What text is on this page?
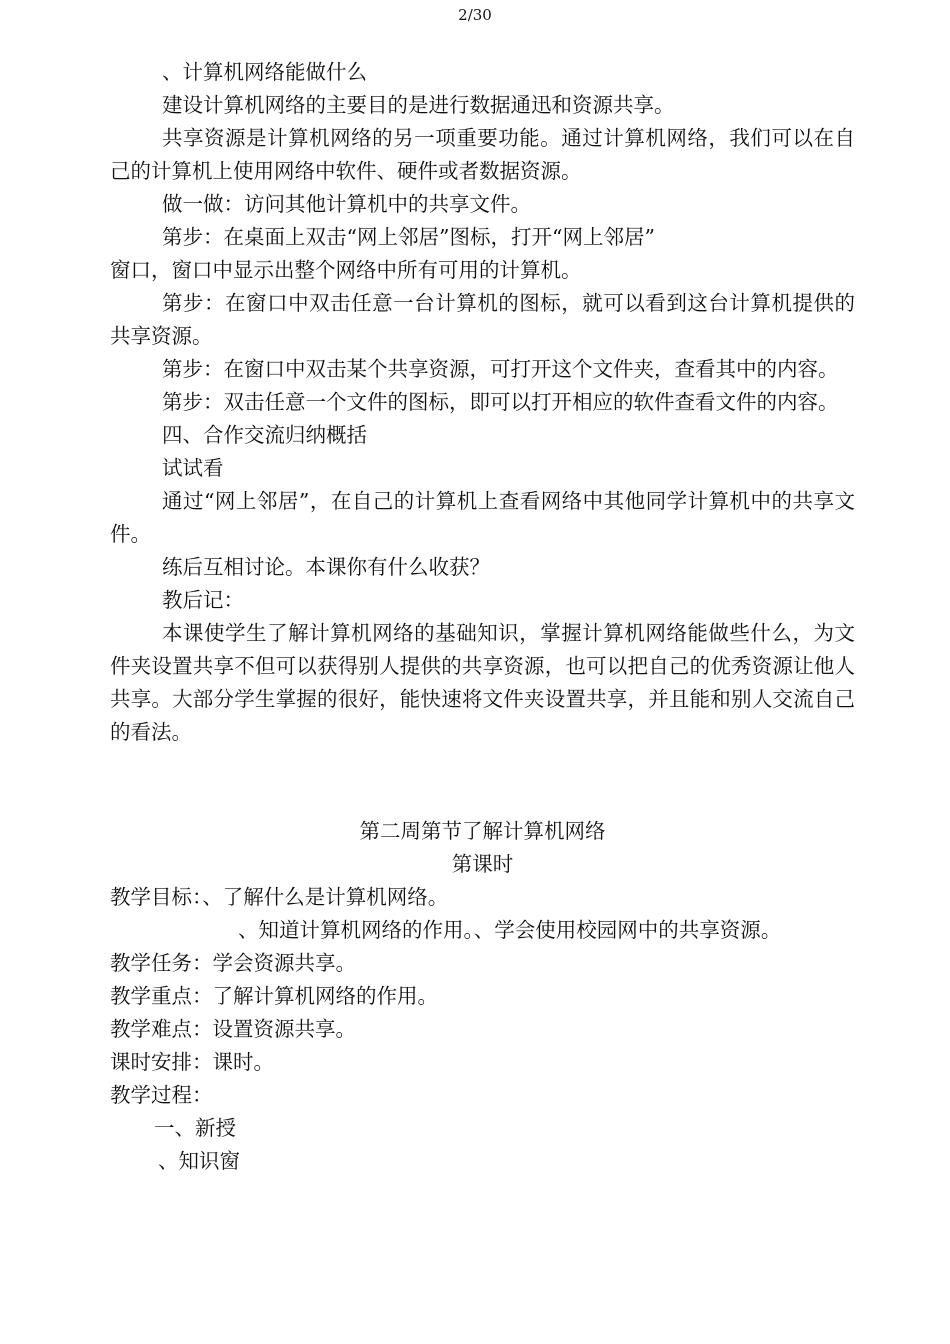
2/30

、计算机网络能做什么

建设计算机网络的主要目的是进行数据通迅和资源共享。

共享资源是计算机网络的另一项重要功能。通过计算机网络，我们可以在自己的计算机上使用网络中软件、硬件或者数据资源。

做一做：访问其他计算机中的共享文件。

第步：在桌面上双击“网上邻居”图标，打开“网上邻居”

窗口，窗口中显示出整个网络中所有可用的计算机。

第步：在窗口中双击任意一台计算机的图标，就可以看到这台计算机提供的共享资源。

第步：在窗口中双击某个共享资源，可打开这个文件夹，查看其中的内容。

第步：双击任意一个文件的图标，即可以打开相应的软件查看文件的内容。

四、合作交流归纳概括

试试看

通过“网上邻居”，在自己的计算机上查看网络中其他同学计算机中的共享文件。

练后互相讨论。本课你有什么收获？

教后记：

本课使学生了解计算机网络的基础知识，掌握计算机网络能做些什么，为文件夹设置共享不但可以获得别人提供的共享资源，也可以把自己的优秀资源让他人共享。大部分学生掌握的很好，能快速将文件夹设置共享，并且能和别人交流自己的看法。

第二周第节了解计算机网络

第课时

教学目标：、了解什么是计算机网络。

、知道计算机网络的作用。、学会使用校园网中的共享资源。

教学任务：学会资源共享。

教学重点：了解计算机网络的作用。

教学难点：设置资源共享。

课时安排：课时。

教学过程：

一、新授

、知识窗
